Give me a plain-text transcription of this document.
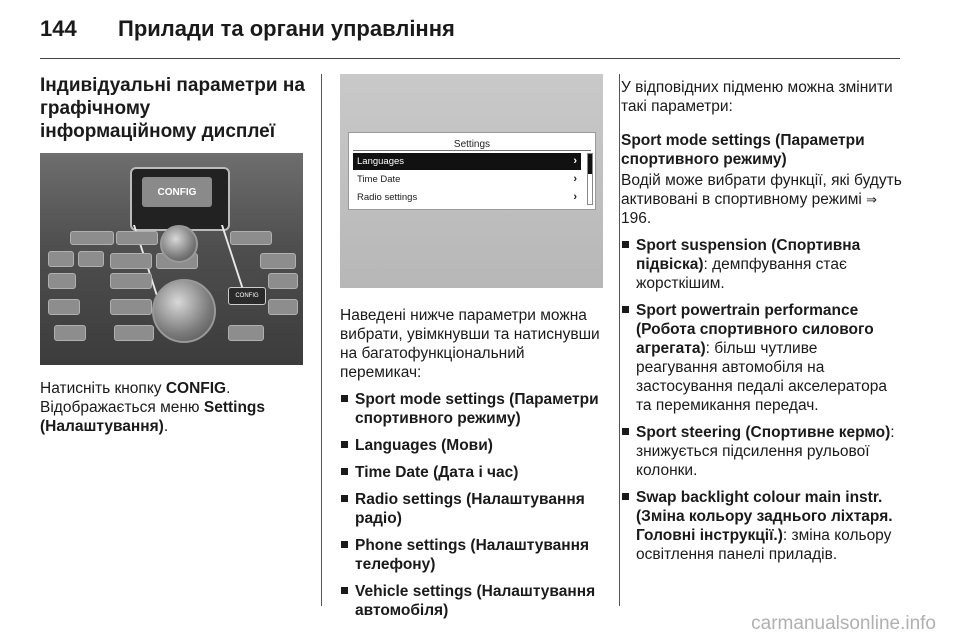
144 Прилади та органи управління
Індивідуальні параметри на графічному інформаційному дисплеї
CONFIG
CONFIG

Натисніть кнопку CONFIG. Відображається меню Settings (Налаштування).

Settings
Languages	›
Time Date	›
Radio settings	›

Наведені нижче параметри можна вибрати, увімкнувши та натиснувши на багатофункціональний перемикач:

Sport mode settings (Параметри спортивного режиму)
Languages (Мови)
Time Date (Дата і час)
Radio settings (Налаштування радіо)
Phone settings (Налаштування телефону)
Vehicle settings (Налаштування автомобіля)

У відповідних підменю можна змінити такі параметри:

Sport mode settings (Параметри спортивного режиму)

Водій може вибрати функції, які будуть активовані в спортивному режимі ⇒ 196.

Sport suspension (Спортивна підвіска): демпфування стає жорсткішим.
Sport powertrain performance (Робота спортивного силового агрегата): більш чутливе реагування автомобіля на застосування педалі акселератора та перемикання передач.
Sport steering (Спортивне кермо): знижується підсилення рульової колонки.
Swap backlight colour main instr. (Зміна кольору заднього ліхтаря. Головні інструкції.): зміна кольору освітлення панелі приладів.
carmanualsonline.info
